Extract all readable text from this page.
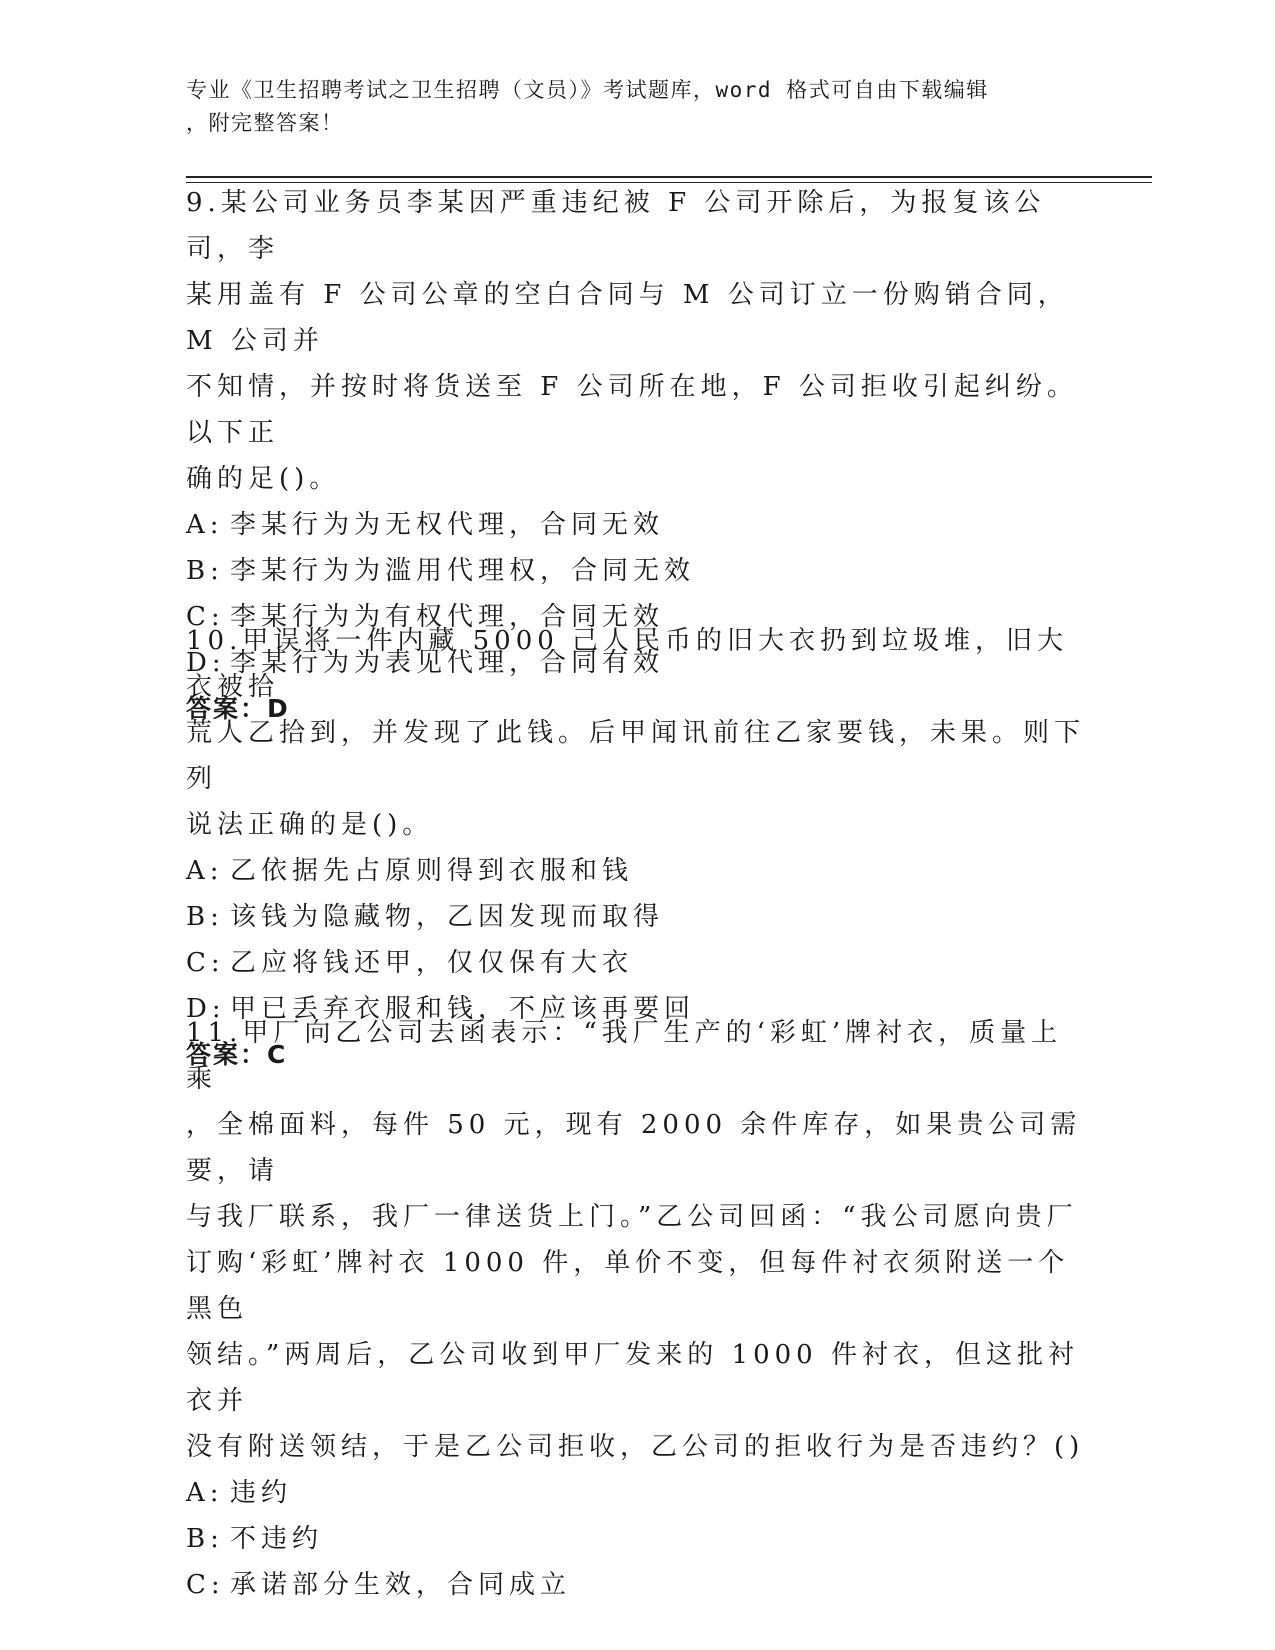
专业《卫生招聘考试之卫生招聘（文员）》考试题库，word 格式可自由下载编辑
，附完整答案！

9.某公司业务员李某因严重违纪被 F 公司开除后，为报复该公司，李

某用盖有 F 公司公章的空白合同与 M 公司订立一份购销合同，M 公司并

不知情，并按时将货送至 F 公司所在地，F 公司拒收引起纠纷。以下正

确的足()。

A: 李某行为为无权代理，合同无效

B: 李某行为为滥用代理权，合同无效

C: 李某行为为有权代理，合同无效

D: 李某行为为表见代理，合同有效

答案：D

10.甲误将一件内藏 5000 己人民币的旧大衣扔到垃圾堆，旧大衣被拾

荒人乙拾到，并发现了此钱。后甲闻讯前往乙家要钱，未果。则下列

说法正确的是()。

A: 乙依据先占原则得到衣服和钱

B: 该钱为隐藏物，乙因发现而取得

C: 乙应将钱还甲，仅仅保有大衣

D: 甲已丢弃衣服和钱，不应该再要回

答案：C

11.甲厂向乙公司去函表示：“我厂生产的‘彩虹’牌衬衣，质量上乘

，全棉面料，每件 50 元，现有 2000 余件库存，如果贵公司需要，请

与我厂联系，我厂一律送货上门。”乙公司回函：“我公司愿向贵厂

订购‘彩虹’牌衬衣 1000 件，单价不变，但每件衬衣须附送一个黑色

领结。”两周后，乙公司收到甲厂发来的 1000 件衬衣，但这批衬衣并

没有附送领结，于是乙公司拒收，乙公司的拒收行为是否违约？()

A: 违约

B: 不违约

C: 承诺部分生效，合同成立
